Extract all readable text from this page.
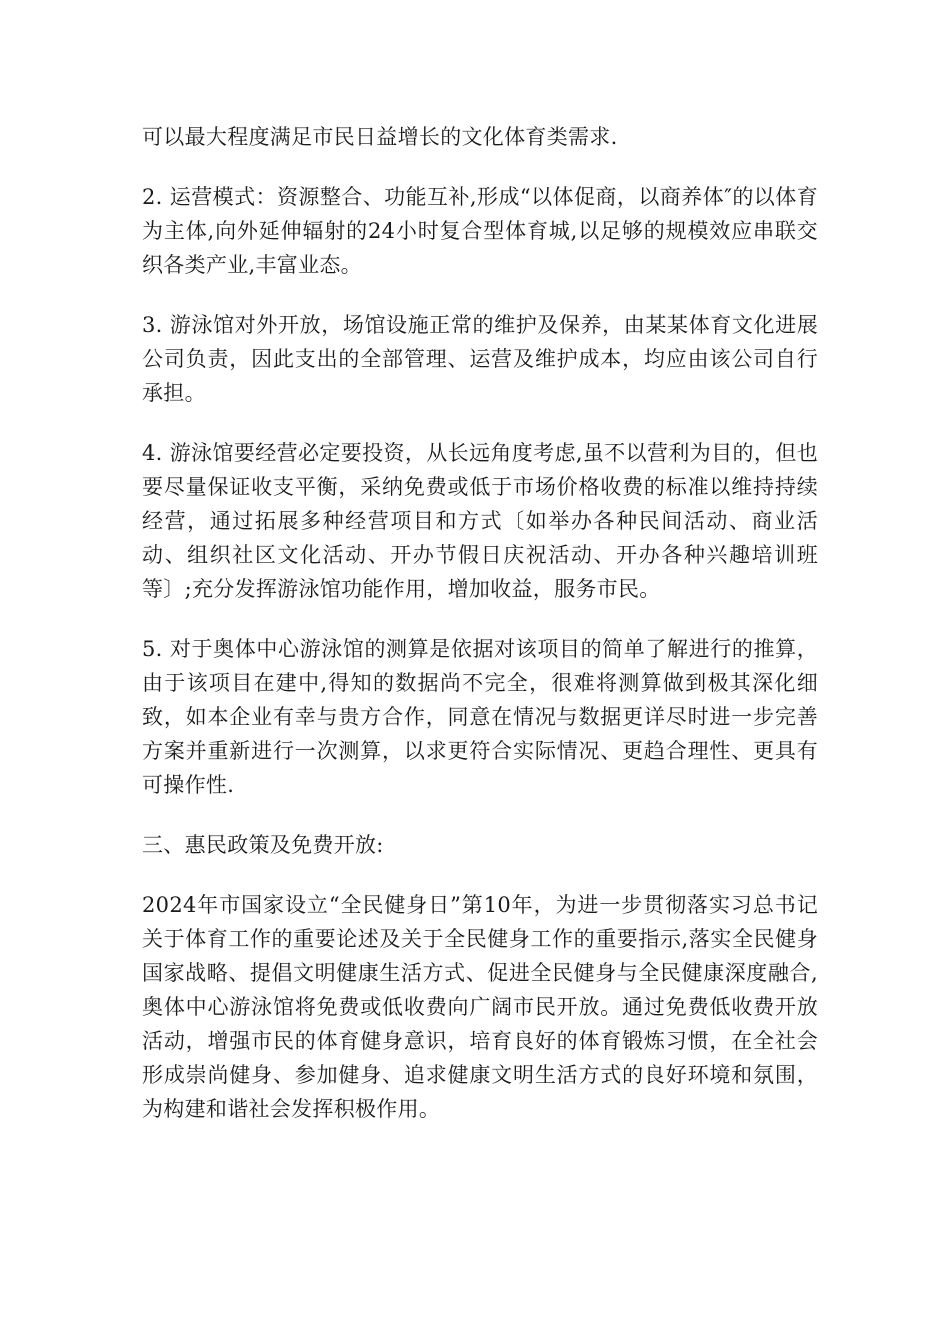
可以最大程度满足市民日益增长的文化体育类需求.

2. 运营模式：资源整合、功能互补,形成“以体促商，以商养体″的以体育为主体,向外延伸辐射的24小时复合型体育城,以足够的规模效应串联交织各类产业,丰富业态。

3. 游泳馆对外开放，场馆设施正常的维护及保养，由某某体育文化进展公司负责，因此支出的全部管理、运营及维护成本，均应由该公司自行承担。

4. 游泳馆要经营必定要投资，从长远角度考虑,虽不以营利为目的，但也要尽量保证收支平衡，采纳免费或低于市场价格收费的标准以维持持续经营，通过拓展多种经营项目和方式〔如举办各种民间活动、商业活动、组织社区文化活动、开办节假日庆祝活动、开办各种兴趣培训班等〕;充分发挥游泳馆功能作用，增加收益，服务市民。

5. 对于奥体中心游泳馆的测算是依据对该项目的简单了解进行的推算，由于该项目在建中,得知的数据尚不完全，很难将测算做到极其深化细致，如本企业有幸与贵方合作，同意在情况与数据更详尽时进一步完善方案并重新进行一次测算，以求更符合实际情况、更趋合理性、更具有可操作性.

三、惠民政策及免费开放:

2024年市国家设立“全民健身日”第10年，为进一步贯彻落实习总书记关于体育工作的重要论述及关于全民健身工作的重要指示,落实全民健身国家战略、提倡文明健康生活方式、促进全民健身与全民健康深度融合,奥体中心游泳馆将免费或低收费向广阔市民开放。通过免费低收费开放活动，增强市民的体育健身意识，培育良好的体育锻炼习惯，在全社会形成崇尚健身、参加健身、追求健康文明生活方式的良好环境和氛围，为构建和谐社会发挥积极作用。
